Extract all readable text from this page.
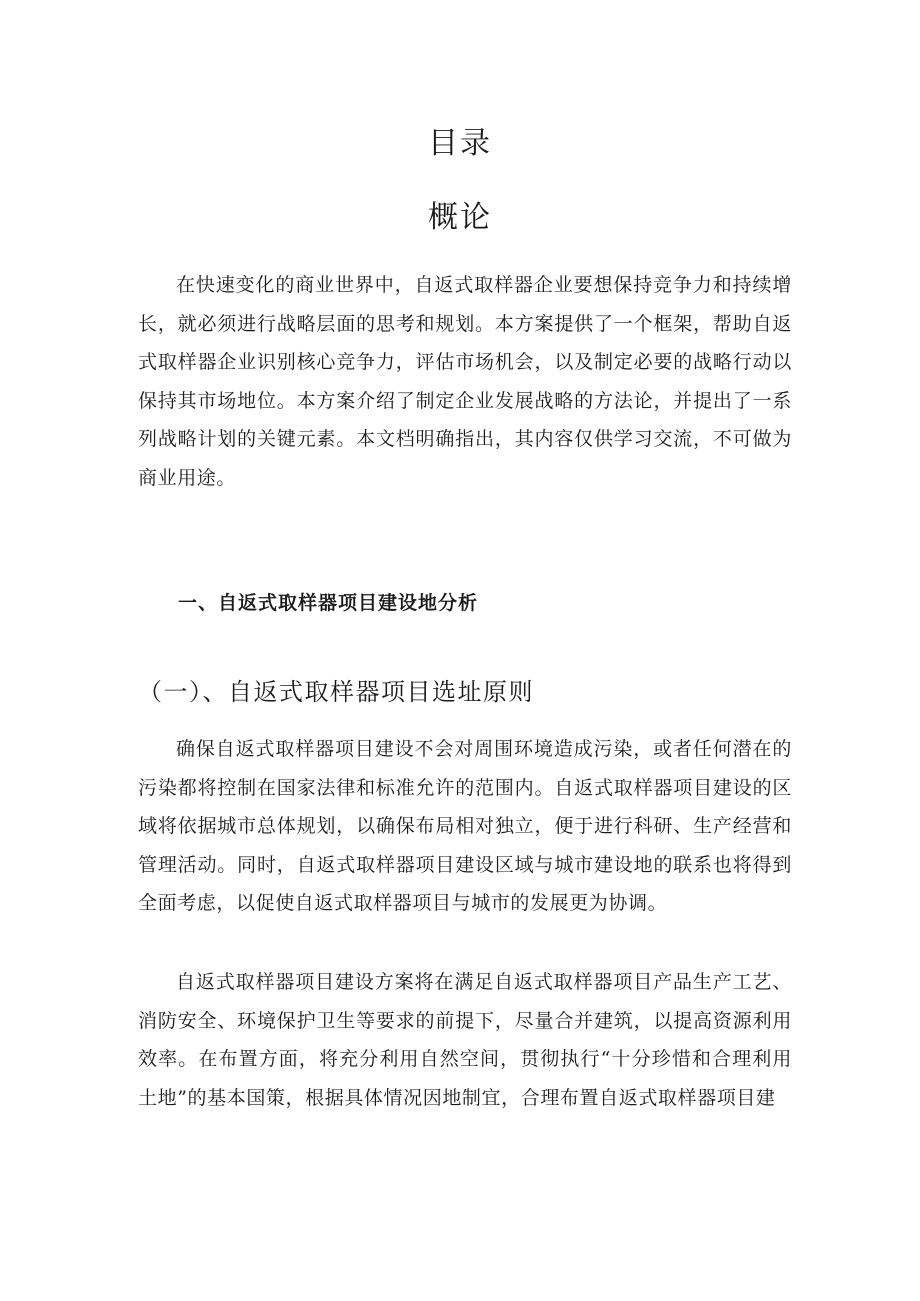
目录
概论

在快速变化的商业世界中，自返式取样器企业要想保持竞争力和持续增长，就必须进行战略层面的思考和规划。本方案提供了一个框架，帮助自返式取样器企业识别核心竞争力，评估市场机会，以及制定必要的战略行动以保持其市场地位。本方案介绍了制定企业发展战略的方法论，并提出了一系列战略计划的关键元素。本文档明确指出，其内容仅供学习交流，不可做为商业用途。

一、自返式取样器项目建设地分析
（一）、自返式取样器项目选址原则

确保自返式取样器项目建设不会对周围环境造成污染，或者任何潜在的污染都将控制在国家法律和标准允许的范围内。自返式取样器项目建设的区域将依据城市总体规划，以确保布局相对独立，便于进行科研、生产经营和管理活动。同时，自返式取样器项目建设区域与城市建设地的联系也将得到全面考虑，以促使自返式取样器项目与城市的发展更为协调。

自返式取样器项目建设方案将在满足自返式取样器项目产品生产工艺、消防安全、环境保护卫生等要求的前提下，尽量合并建筑，以提高资源利用效率。在布置方面，将充分利用自然空间，贯彻执行“十分珍惜和合理利用土地”的基本国策，根据具体情况因地制宜，合理布置自返式取样器项目建
